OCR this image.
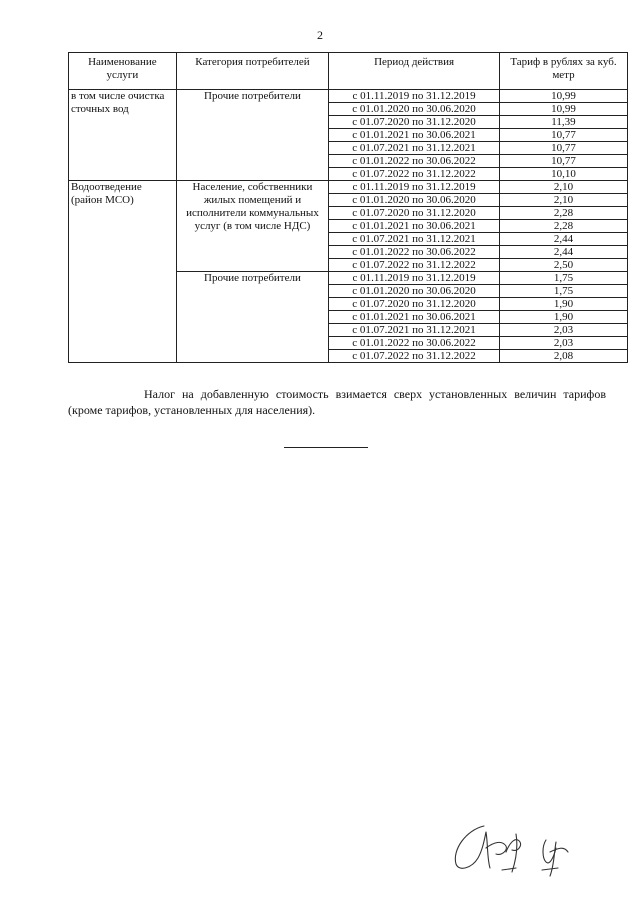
2
Наименование услуги	Категория потребителей	Период действия	Тариф в рублях за куб. метр
в том числе очистка сточных вод	Прочие потребители	с 01.11.2019 по 31.12.2019	10,99
		с 01.01.2020 по 30.06.2020	10,99
		с 01.07.2020 по 31.12.2020	11,39
		с 01.01.2021 по 30.06.2021	10,77
		с 01.07.2021 по 31.12.2021	10,77
		с 01.01.2022 по 30.06.2022	10,77
		с 01.07.2022 по 31.12.2022	10,10
Водоотведение (район МСО)	Население, собственники жилых помещений и исполнители коммунальных услуг (в том числе НДС)	с 01.11.2019 по 31.12.2019	2,10
		с 01.01.2020 по 30.06.2020	2,10
		с 01.07.2020 по 31.12.2020	2,28
		с 01.01.2021 по 30.06.2021	2,28
		с 01.07.2021 по 31.12.2021	2,44
		с 01.01.2022 по 30.06.2022	2,44
		с 01.07.2022 по 31.12.2022	2,50
	Прочие потребители	с 01.11.2019 по 31.12.2019	1,75
		с 01.01.2020 по 30.06.2020	1,75
		с 01.07.2020 по 31.12.2020	1,90
		с 01.01.2021 по 30.06.2021	1,90
		с 01.07.2021 по 31.12.2021	2,03
		с 01.01.2022 по 30.06.2022	2,03
		с 01.07.2022 по 31.12.2022	2,08
Налог на добавленную стоимость взимается сверх установленных величин тарифов (кроме тарифов, установленных для населения).
